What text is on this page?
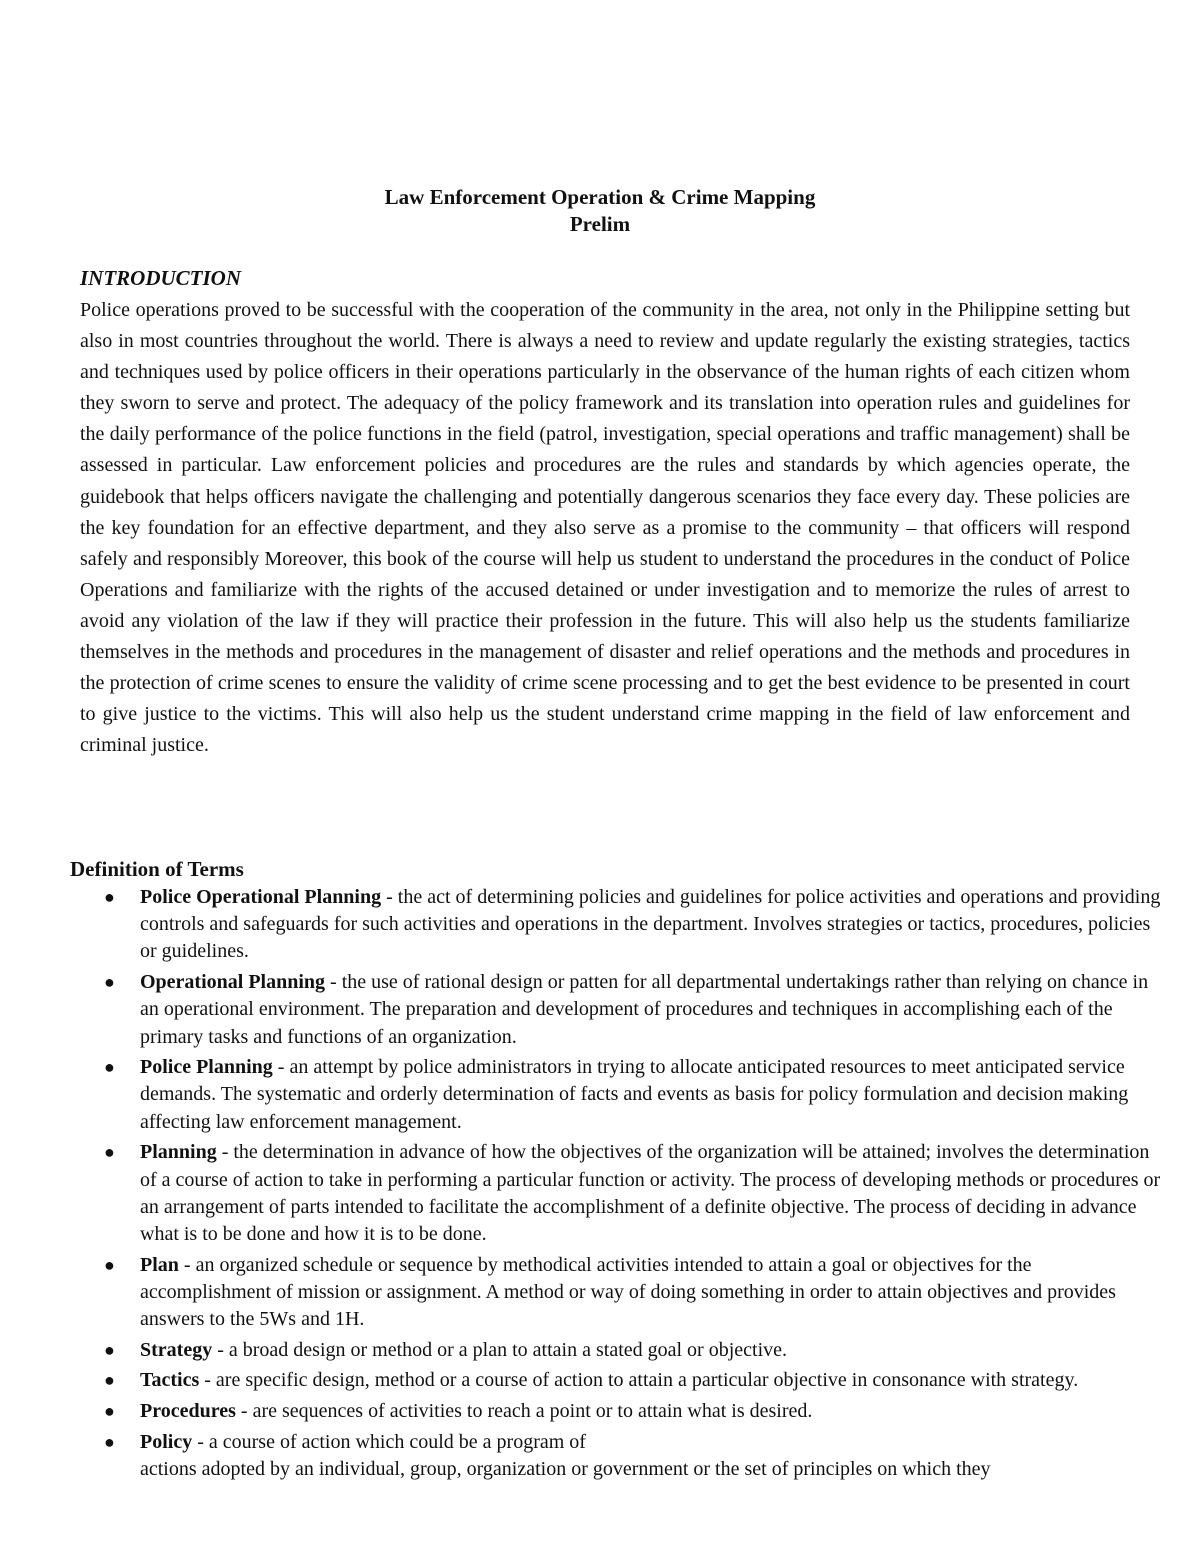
Law Enforcement Operation & Crime Mapping
Prelim
INTRODUCTION

Police operations proved to be successful with the cooperation of the community in the area, not only in the Philippine setting but also in most countries throughout the world. There is always a need to review and update regularly the existing strategies, tactics and techniques used by police officers in their operations particularly in the observance of the human rights of each citizen whom they sworn to serve and protect. The adequacy of the policy framework and its translation into operation rules and guidelines for the daily performance of the police functions in the field (patrol, investigation, special operations and traffic management) shall be assessed in particular. Law enforcement policies and procedures are the rules and standards by which agencies operate, the guidebook that helps officers navigate the challenging and potentially dangerous scenarios they face every day. These policies are the key foundation for an effective department, and they also serve as a promise to the community – that officers will respond safely and responsibly Moreover, this book of the course will help us student to understand the procedures in the conduct of Police Operations and familiarize with the rights of the accused detained or under investigation and to memorize the rules of arrest to avoid any violation of the law if they will practice their profession in the future. This will also help us the students familiarize themselves in the methods and procedures in the management of disaster and relief operations and the methods and procedures in the protection of crime scenes to ensure the validity of crime scene processing and to get the best evidence to be presented in court to give justice to the victims. This will also help us the student understand crime mapping in the field of law enforcement and criminal justice.

Definition of Terms
● Police Operational Planning - the act of determining policies and guidelines for police activities and operations and providing controls and safeguards for such activities and operations in the department. Involves strategies or tactics, procedures, policies or guidelines.
● Operational Planning - the use of rational design or patten for all departmental undertakings rather than relying on chance in an operational environment. The preparation and development of procedures and techniques in accomplishing each of the primary tasks and functions of an organization.
● Police Planning - an attempt by police administrators in trying to allocate anticipated resources to meet anticipated service demands. The systematic and orderly determination of facts and events as basis for policy formulation and decision making affecting law enforcement management.
● Planning - the determination in advance of how the objectives of the organization will be attained; involves the determination of a course of action to take in performing a particular function or activity. The process of developing methods or procedures or an arrangement of parts intended to facilitate the accomplishment of a definite objective. The process of deciding in advance what is to be done and how it is to be done.
● Plan - an organized schedule or sequence by methodical activities intended to attain a goal or objectives for the accomplishment of mission or assignment. A method or way of doing something in order to attain objectives and provides answers to the 5Ws and 1H.
● Strategy - a broad design or method or a plan to attain a stated goal or objective.
● Tactics - are specific design, method or a course of action to attain a particular objective in consonance with strategy.
● Procedures - are sequences of activities to reach a point or to attain what is desired.
● Policy - a course of action which could be a program of
actions adopted by an individual, group, organization or government or the set of principles on which they
